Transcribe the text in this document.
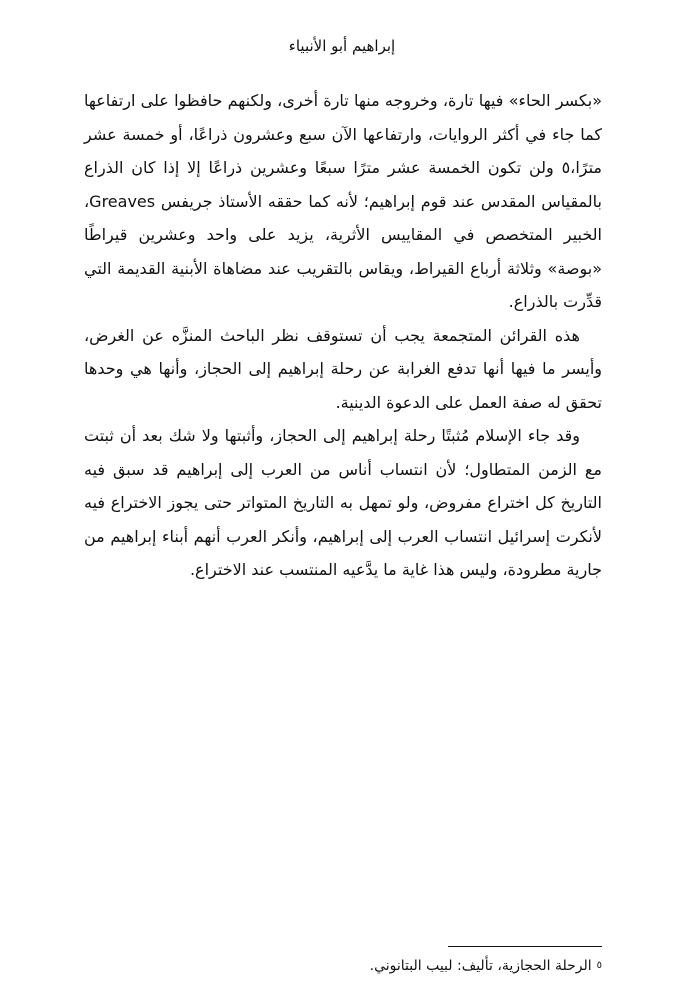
إبراهيم أبو الأنبياء

«بكسر الحاء» فيها تارة، وخروجه منها تارة أخرى، ولكنهم حافظوا على ارتفاعها كما جاء في أكثر الروايات، وارتفاعها الآن سبع وعشرون ذراعًا، أو خمسة عشر مترًا،٥ ولن تكون الخمسة عشر مترًا سبعًا وعشرين ذراعًا إلا إذا كان الذراع بالمقياس المقدس عند قوم إبراهيم؛ لأنه كما حققه الأستاذ جريفس Greaves، الخبير المتخصص في المقاييس الأثرية، يزيد على واحد وعشرين قيراطًا «بوصة» وثلاثة أرباع القيراط، ويقاس بالتقريب عند مضاهاة الأبنية القديمة التي قدِّرت بالذراع.

هذه القرائن المتجمعة يجب أن تستوقف نظر الباحث المنزَّه عن الغرض، وأيسر ما فيها أنها تدفع الغرابة عن رحلة إبراهيم إلى الحجاز، وأنها هي وحدها تحقق له صفة العمل على الدعوة الدينية.

وقد جاء الإسلام مُثبتًا رحلة إبراهيم إلى الحجاز، وأثبتها ولا شك بعد أن ثبتت مع الزمن المتطاول؛ لأن انتساب أناس من العرب إلى إبراهيم قد سبق فيه التاريخ كل اختراع مفروض، ولو تمهل به التاريخ المتواتر حتى يجوز الاختراع فيه لأنكرت إسرائيل انتساب العرب إلى إبراهيم، وأنكر العرب أنهم أبناء إبراهيم من جارية مطرودة، وليس هذا غاية ما يدَّعيه المنتسب عند الاختراع.

$^٥$الرحلة الحجازية، تأليف: لبيب البتانوني.
